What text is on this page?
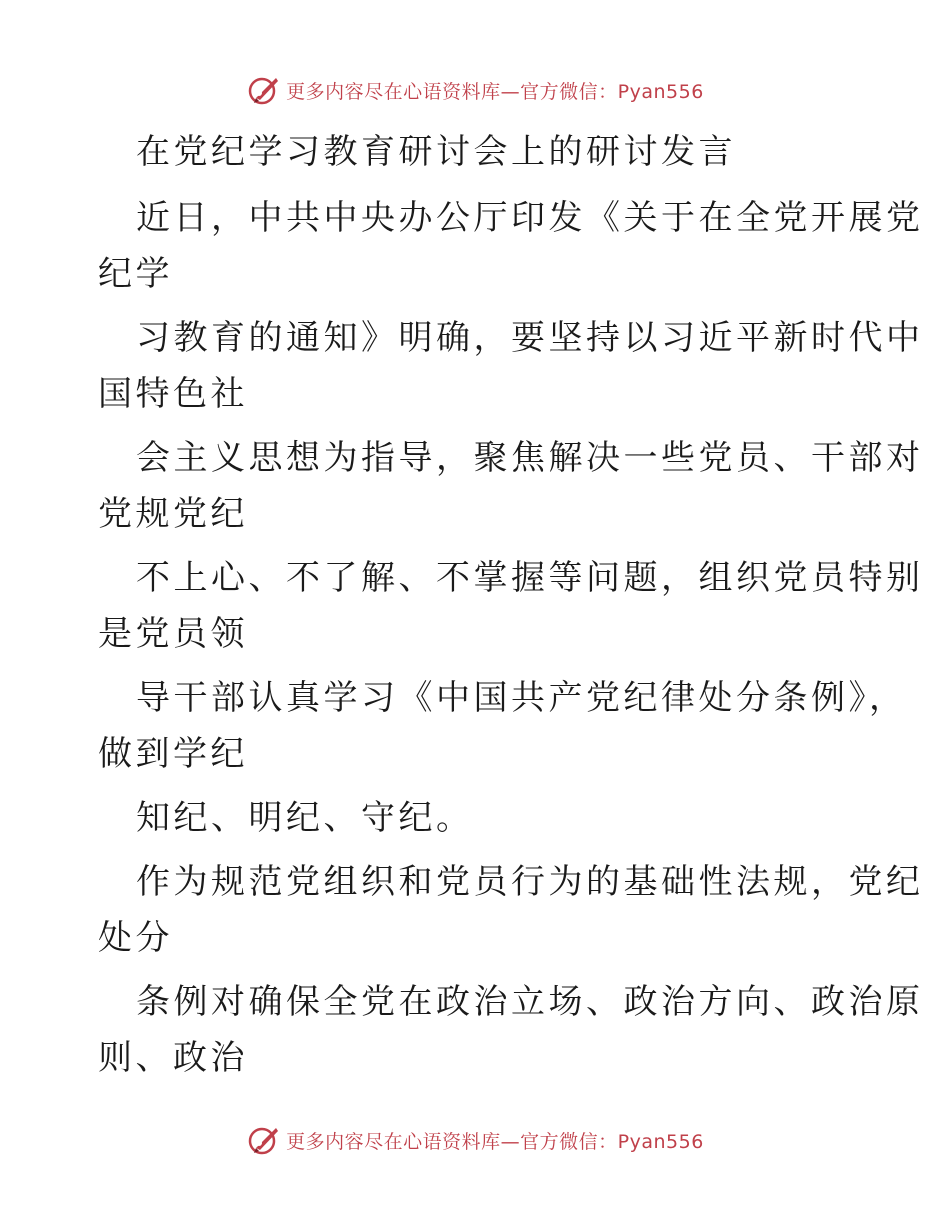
更多内容尽在心语资料库—官方微信：Pyan556

在党纪学习教育研讨会上的研讨发言

近日，中共中央办公厅印发《关于在全党开展党

纪学

习教育的通知》明确，要坚持以习近平新时代中

国特色社

会主义思想为指导，聚焦解决一些党员、干部对

党规党纪

不上心、不了解、不掌握等问题，组织党员特别

是党员领

导干部认真学习《中国共产党纪律处分条例》，

做到学纪

知纪、明纪、守纪。

作为规范党组织和党员行为的基础性法规，党纪

处分

条例对确保全党在政治立场、政治方向、政治原

则、政治

更多内容尽在心语资料库—官方微信：Pyan556
